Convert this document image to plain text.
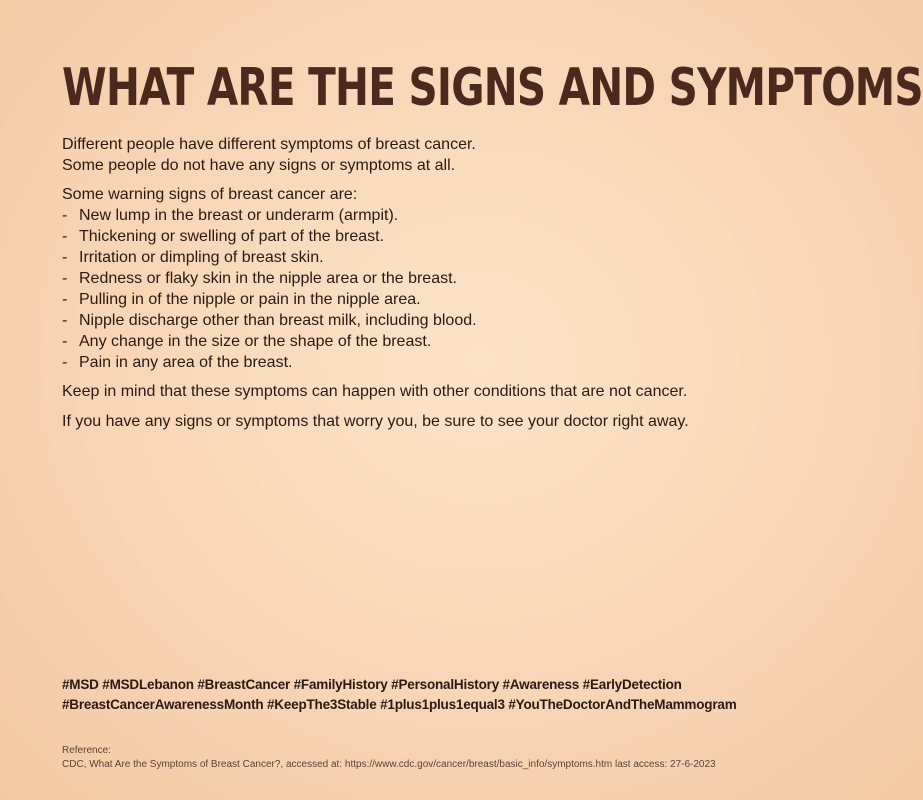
WHAT ARE THE SIGNS AND SYMPTOMS

Different people have different symptoms of breast cancer.
Some people do not have any signs or symptoms at all.

Some warning signs of breast cancer are:

- New lump in the breast or underarm (armpit).
- Thickening or swelling of part of the breast.
- Irritation or dimpling of breast skin.
- Redness or flaky skin in the nipple area or the breast.
- Pulling in of the nipple or pain in the nipple area.
- Nipple discharge other than breast milk, including blood.
- Any change in the size or the shape of the breast.
- Pain in any area of the breast.

Keep in mind that these symptoms can happen with other conditions that are not cancer.

If you have any signs or symptoms that worry you, be sure to see your doctor right away.

#MSD #MSDLebanon #BreastCancer #FamilyHistory #PersonalHistory #Awareness #EarlyDetection
#BreastCancerAwarenessMonth #KeepThe3Stable #1plus1plus1equal3 #YouTheDoctorAndTheMammogram
Reference:
CDC, What Are the Symptoms of Breast Cancer?, accessed at: https://www.cdc.gov/cancer/breast/basic_info/symptoms.htm last access: 27-6-2023
